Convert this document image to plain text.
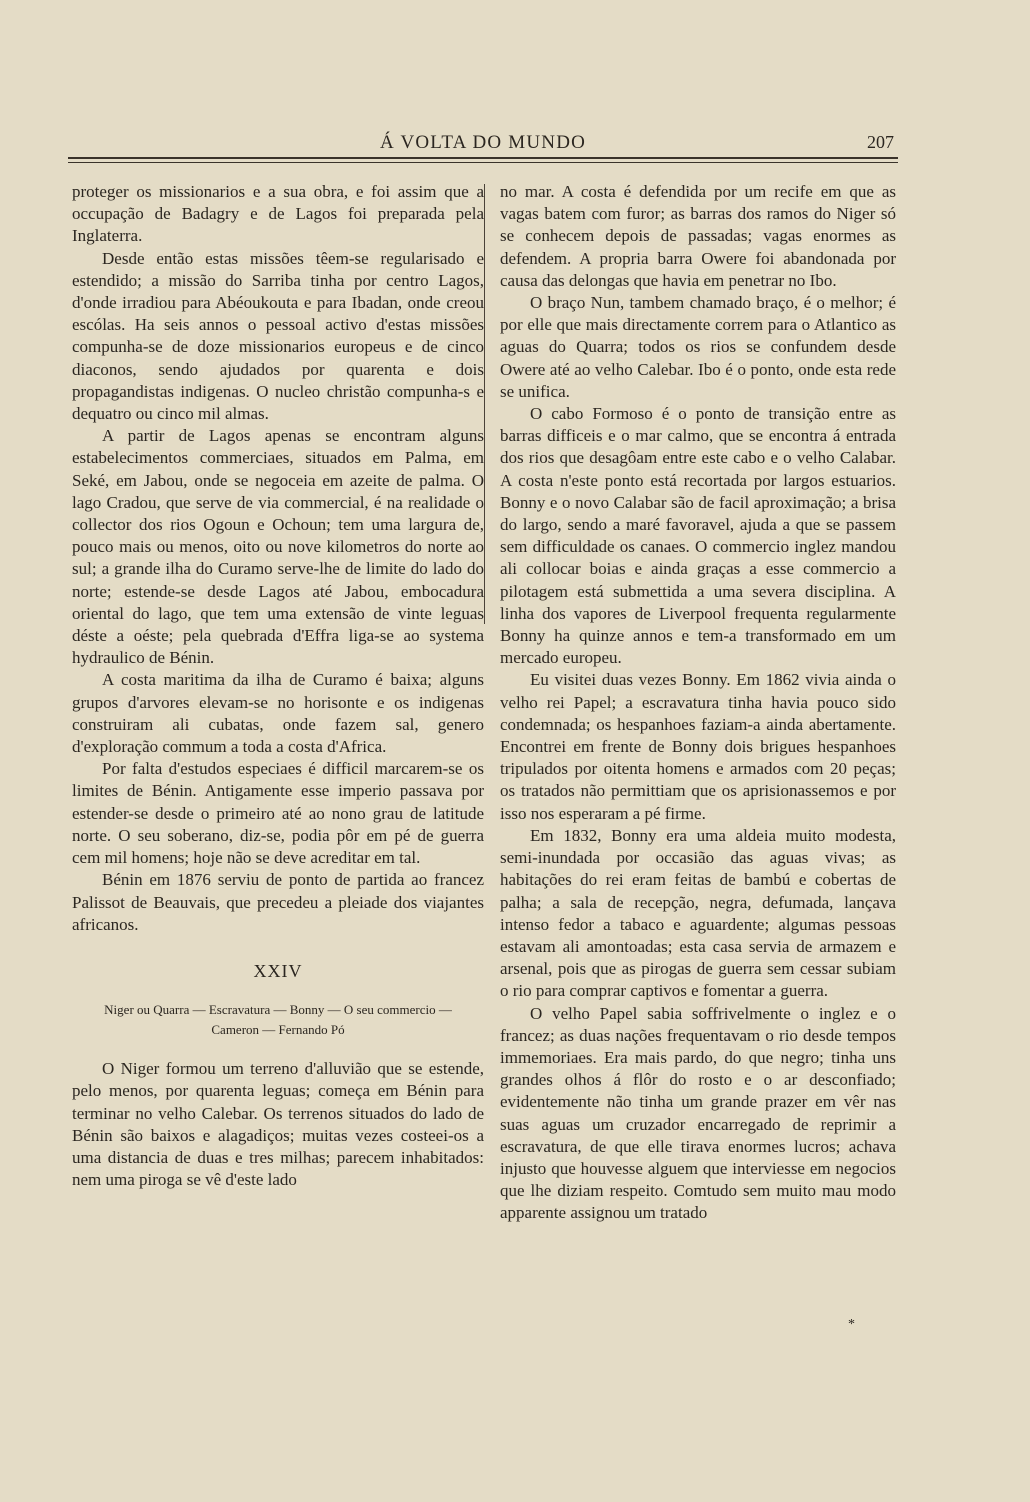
Á VOLTA DO MUNDO	207

proteger os missionarios e a sua obra, e foi assim que a occupação de Badagry e de Lagos foi preparada pela Inglaterra.

Desde então estas missões têem-se regularisado e estendido; a missão do Sarriba tinha por centro Lagos, d'onde irradiou para Abéoukouta e para Ibadan, onde creou escólas. Ha seis annos o pessoal activo d'estas missões compunha-se de doze missionarios europeus e de cinco diaconos, sendo ajudados por quarenta e dois propagandistas indigenas. O nucleo christão compunha-s e dequatro ou cinco mil almas.

A partir de Lagos apenas se encontram alguns estabelecimentos commerciaes, situados em Palma, em Seké, em Jabou, onde se negoceia em azeite de palma. O lago Cradou, que serve de via commercial, é na realidade o collector dos rios Ogoun e Ochoun; tem uma largura de, pouco mais ou menos, oito ou nove kilometros do norte ao sul; a grande ilha do Curamo serve-lhe de limite do lado do norte; estende-se desde Lagos até Jabou, embocadura oriental do lago, que tem uma extensão de vinte leguas déste a oéste; pela quebrada d'Effra liga-se ao systema hydraulico de Bénin.

A costa maritima da ilha de Curamo é baixa; alguns grupos d'arvores elevam-se no horisonte e os indigenas construiram ali cubatas, onde fazem sal, genero d'exploração commum a toda a costa d'Africa.

Por falta d'estudos especiaes é difficil marcarem-se os limites de Bénin. Antigamente esse imperio passava por estender-se desde o primeiro até ao nono grau de latitude norte. O seu soberano, diz-se, podia pôr em pé de guerra cem mil homens; hoje não se deve acreditar em tal.

Bénin em 1876 serviu de ponto de partida ao francez Palissot de Beauvais, que precedeu a pleiade dos viajantes africanos.

XXIV
Niger ou Quarra — Escravatura — Bonny — O seu commercio — Cameron — Fernando Pó

O Niger formou um terreno d'alluvião que se estende, pelo menos, por quarenta leguas; começa em Bénin para terminar no velho Calebar. Os terrenos situados do lado de Bénin são baixos e alagadiços; muitas vezes costeei-os a uma distancia de duas e tres milhas; parecem inhabitados: nem uma piroga se vê d'este lado

no mar. A costa é defendida por um recife em que as vagas batem com furor; as barras dos ramos do Niger só se conhecem depois de passadas; vagas enormes as defendem. A propria barra Owere foi abandonada por causa das delongas que havia em penetrar no Ibo.

O braço Nun, tambem chamado braço, é o melhor; é por elle que mais directamente correm para o Atlantico as aguas do Quarra; todos os rios se confundem desde Owere até ao velho Calebar. Ibo é o ponto, onde esta rede se unifica.

O cabo Formoso é o ponto de transição entre as barras difficeis e o mar calmo, que se encontra á entrada dos rios que desagôam entre este cabo e o velho Calabar. A costa n'este ponto está recortada por largos estuarios. Bonny e o novo Calabar são de facil aproximação; a brisa do largo, sendo a maré favoravel, ajuda a que se passem sem difficuldade os canaes. O commercio inglez mandou ali collocar boias e ainda graças a esse commercio a pilotagem está submettida a uma severa disciplina. A linha dos vapores de Liverpool frequenta regularmente Bonny ha quinze annos e tem-a transformado em um mercado europeu.

Eu visitei duas vezes Bonny. Em 1862 vivia ainda o velho rei Papel; a escravatura tinha havia pouco sido condemnada; os hespanhoes faziam-a ainda abertamente. Encontrei em frente de Bonny dois brigues hespanhoes tripulados por oitenta homens e armados com 20 peças; os tratados não permittiam que os aprisionassemos e por isso nos esperaram a pé firme.

Em 1832, Bonny era uma aldeia muito modesta, semi-inundada por occasião das aguas vivas; as habitações do rei eram feitas de bambú e cobertas de palha; a sala de recepção, negra, defumada, lançava intenso fedor a tabaco e aguardente; algumas pessoas estavam ali amontoadas; esta casa servia de armazem e arsenal, pois que as pirogas de guerra sem cessar subiam o rio para comprar captivos e fomentar a guerra.

O velho Papel sabia soffrivelmente o inglez e o francez; as duas nações frequentavam o rio desde tempos immemoriaes. Era mais pardo, do que negro; tinha uns grandes olhos á flôr do rosto e o ar desconfiado; evidentemente não tinha um grande prazer em vêr nas suas aguas um cruzador encarregado de reprimir a escravatura, de que elle tirava enormes lucros; achava injusto que houvesse alguem que interviesse em negocios que lhe diziam respeito. Comtudo sem muito mau modo apparente assignou um tratado

*
